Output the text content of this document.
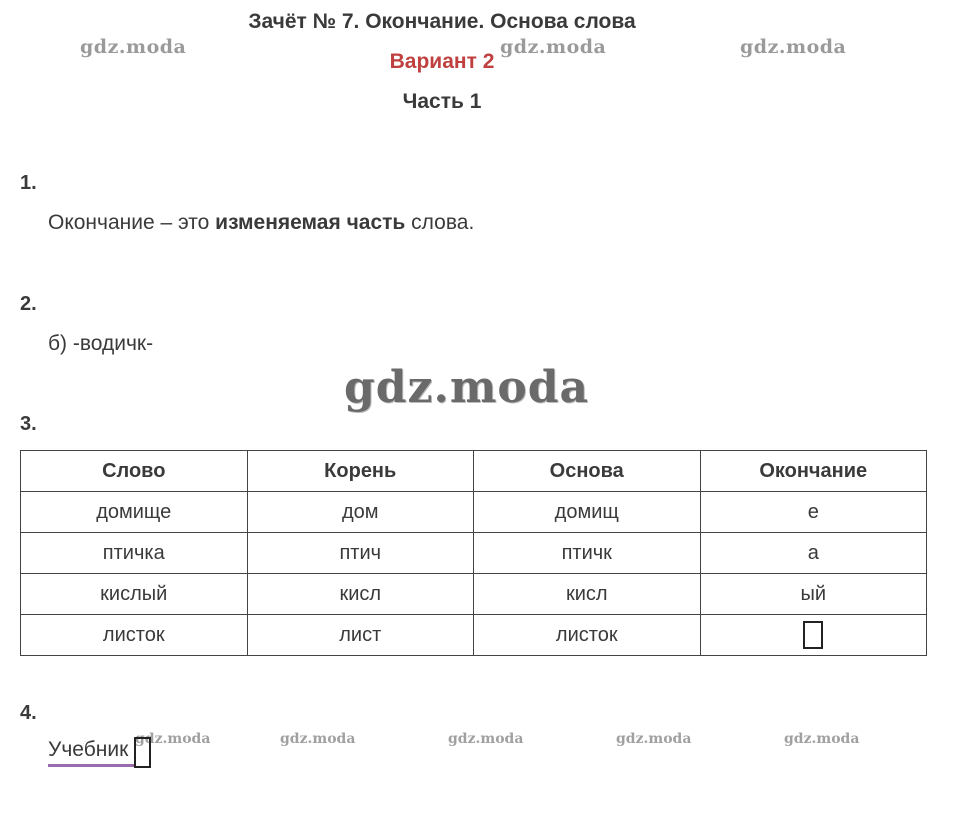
Зачёт № 7. Окончание. Основа слова
Вариант 2
Часть 1
gdz.moda	gdz.moda	gdz.moda
gdz.moda
gdz.moda	gdz.moda	gdz.moda	gdz.moda	gdz.moda
1.
Окончание – это изменяемая часть слова.
2.
б) -водичк-
3.
Слово	Корень	Основа	Окончание
домище	дом	домищ	е
птичка	птич	птичк	а
кислый	кисл	кисл	ый
листок	лист	листок	
4.
Учебник
